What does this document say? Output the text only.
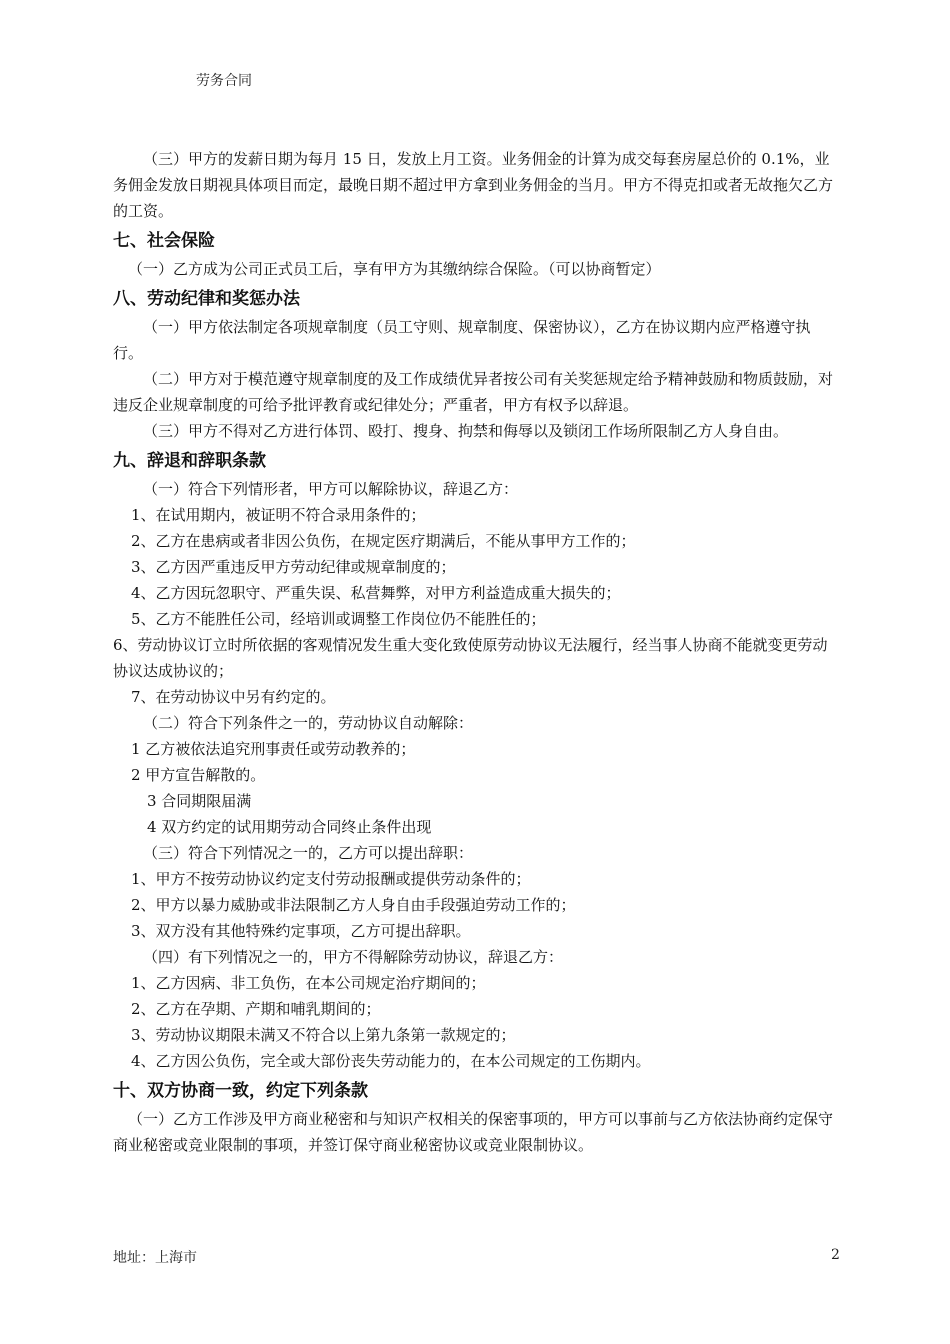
劳务合同

（三）甲方的发薪日期为每月 15 日，发放上月工资。业务佣金的计算为成交每套房屋总价的 0.1%，业务佣金发放日期视具体项目而定，最晚日期不超过甲方拿到业务佣金的当月。甲方不得克扣或者无故拖欠乙方的工资。

七、社会保险

（一）乙方成为公司正式员工后，享有甲方为其缴纳综合保险。（可以协商暂定）

八、劳动纪律和奖惩办法

（一）甲方依法制定各项规章制度（员工守则、规章制度、保密协议），乙方在协议期内应严格遵守执行。

（二）甲方对于模范遵守规章制度的及工作成绩优异者按公司有关奖惩规定给予精神鼓励和物质鼓励，对违反企业规章制度的可给予批评教育或纪律处分；严重者，甲方有权予以辞退。

（三）甲方不得对乙方进行体罚、殴打、搜身、拘禁和侮辱以及锁闭工作场所限制乙方人身自由。

九、辞退和辞职条款

（一）符合下列情形者，甲方可以解除协议，辞退乙方：

1、在试用期内，被证明不符合录用条件的；

2、乙方在患病或者非因公负伤，在规定医疗期满后，不能从事甲方工作的；

3、乙方因严重违反甲方劳动纪律或规章制度的；

4、乙方因玩忽职守、严重失误、私营舞弊，对甲方利益造成重大损失的；

5、乙方不能胜任公司，经培训或调整工作岗位仍不能胜任的；

6、劳动协议订立时所依据的客观情况发生重大变化致使原劳动协议无法履行，经当事人协商不能就变更劳动协议达成协议的；

7、在劳动协议中另有约定的。

（二）符合下列条件之一的，劳动协议自动解除：

1 乙方被依法追究刑事责任或劳动教养的；

2 甲方宣告解散的。

3 合同期限届满

4 双方约定的试用期劳动合同终止条件出现

（三）符合下列情况之一的，乙方可以提出辞职：

1、甲方不按劳动协议约定支付劳动报酬或提供劳动条件的；

2、甲方以暴力威胁或非法限制乙方人身自由手段强迫劳动工作的；

3、双方没有其他特殊约定事项，乙方可提出辞职。

（四）有下列情况之一的，甲方不得解除劳动协议，辞退乙方：

1、乙方因病、非工负伤，在本公司规定治疗期间的；

2、乙方在孕期、产期和哺乳期间的；

3、劳动协议期限未满又不符合以上第九条第一款规定的；

4、乙方因公负伤，完全或大部份丧失劳动能力的，在本公司规定的工伤期内。

十、双方协商一致，约定下列条款

（一）乙方工作涉及甲方商业秘密和与知识产权相关的保密事项的，甲方可以事前与乙方依法协商约定保守商业秘密或竞业限制的事项，并签订保守商业秘密协议或竞业限制协议。

地址：上海市	2
